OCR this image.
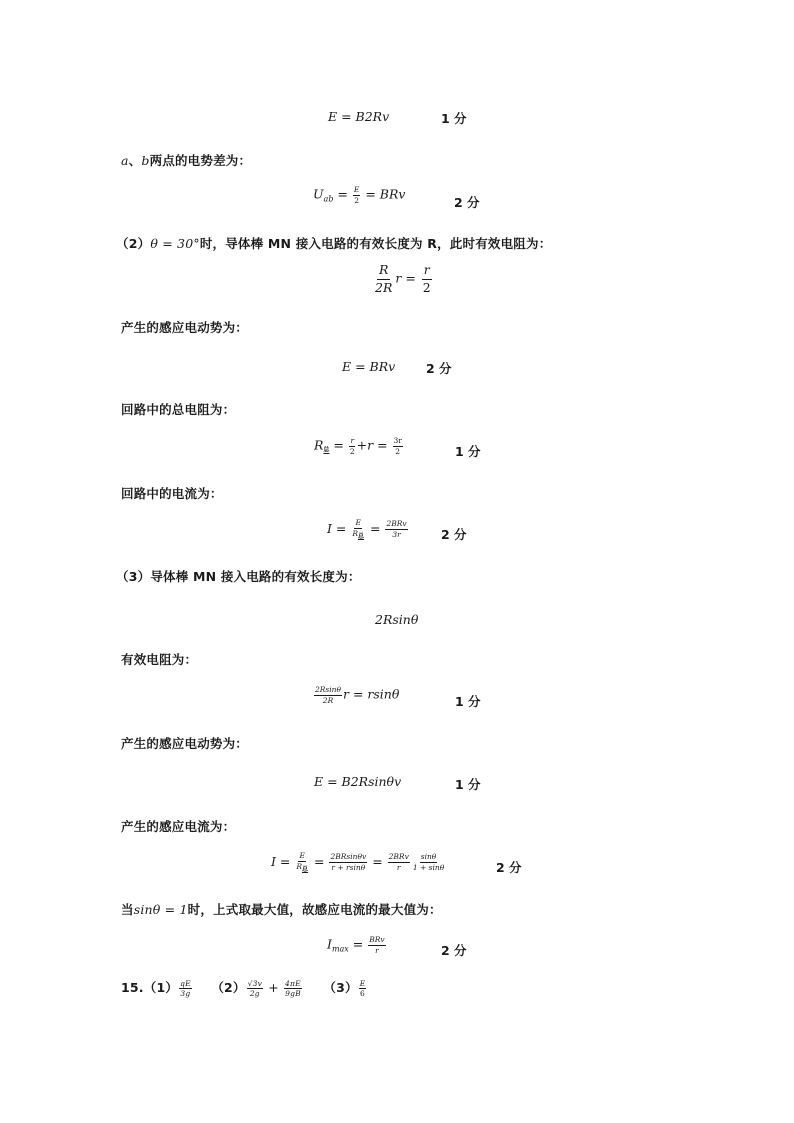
E = B2Rv	1 分
a、b两点的电势差为：
$U_{ab} = \frac{E}{2}$ = BRv
2 分
（2）θ = 30°时，导体棒 MN 接入电路的有效长度为 R，此时有效电阻为：
$\frac{R}{2R}$ $r = \frac{r}{2}$
产生的感应电动势为：
E = BRv 2 分
回路中的总电阻为：
$R_总 = \frac{r}{2} +r = \frac{3r}{2}$	1 分
回路中的电流为：
$I = \frac{E}{R_总} = \frac{\text{2BRv}}{3r}$	2 分
（3）导体棒 MN 接入电路的有效长度为：
2Rsinθ
有效电阻为：
$\frac{2Rsin\theta}{2R}$ r = rsinθ	1 分
产生的感应电动势为：
E = B2Rsinθv	1 分
产生的感应电流为：
$I = \frac{E}{R_总} = \frac{2BRsin\theta v}{r + rsin\theta} = \frac{\text{2BRv}}{r} \frac{\sin\theta}{1 + \sin\theta}$	2 分
当sinθ = 1时，上式取最大值，故感应电流的最大值为：
$I_{max} = \frac{\text{BRv}}{r}$	2 分
$15.(1) \frac{qE}{3g} (2) \frac{√3v}{2g} + \frac{4\pi E}{9gB} (3) \frac{E}{6}$
